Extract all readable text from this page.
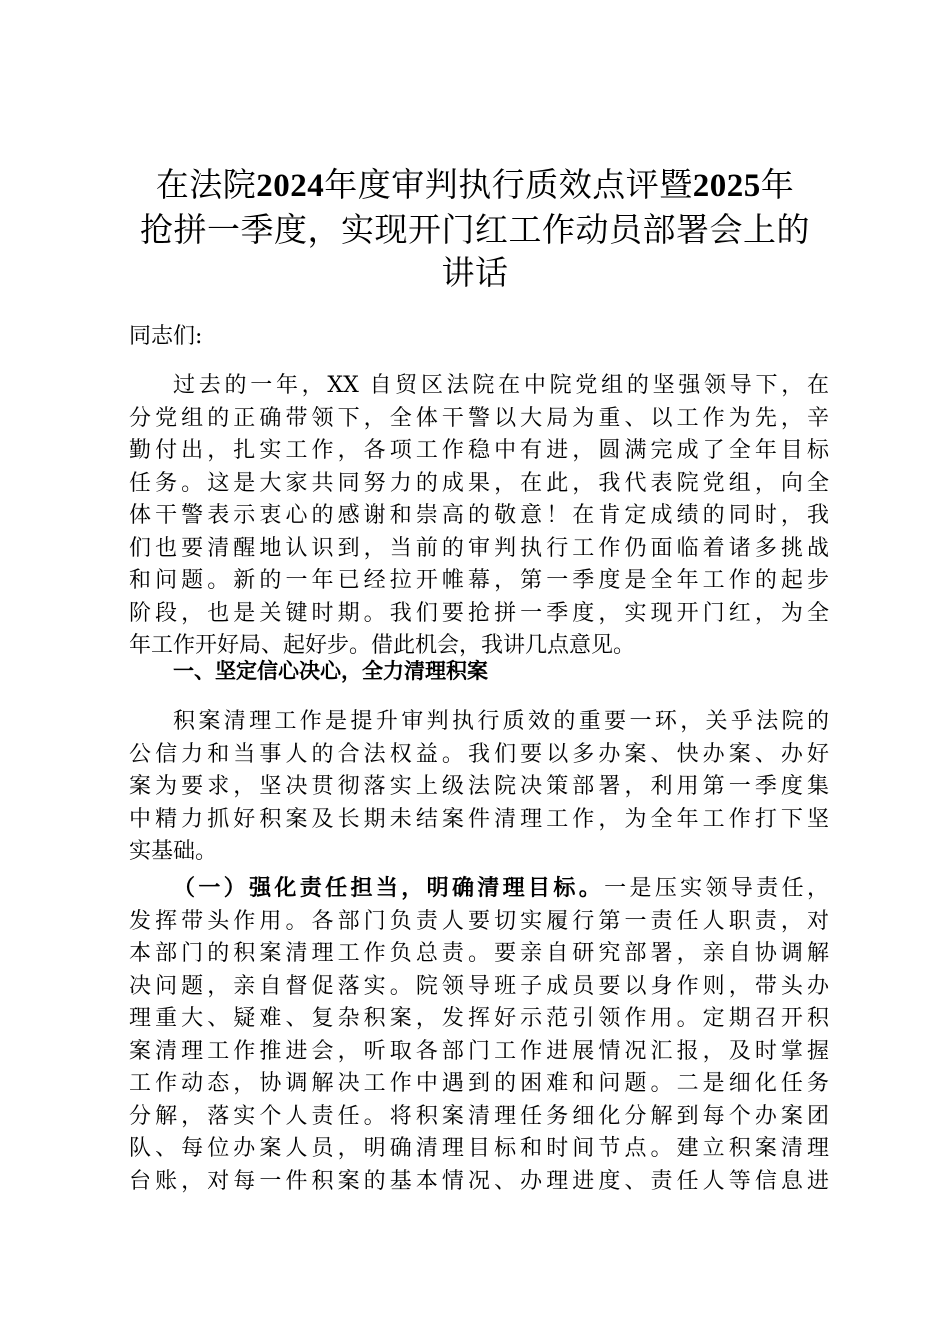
在法院2024年度审判执行质效点评暨2025年
抢拼一季度，实现开门红工作动员部署会上的
讲话

同志们:

过去的一年，XX 自贸区法院在中院党组的坚强领导下，在
分党组的正确带领下，全体干警以大局为重、以工作为先，辛
勤付出，扎实工作，各项工作稳中有进，圆满完成了全年目标
任务。这是大家共同努力的成果，在此，我代表院党组，向全
体干警表示衷心的感谢和崇高的敬意！在肯定成绩的同时，我
们也要清醒地认识到，当前的审判执行工作仍面临着诸多挑战
和问题。新的一年已经拉开帷幕，第一季度是全年工作的起步
阶段，也是关键时期。我们要抢拼一季度，实现开门红，为全
年工作开好局、起好步。借此机会，我讲几点意见。

一、坚定信心决心，全力清理积案

积案清理工作是提升审判执行质效的重要一环，关乎法院的
公信力和当事人的合法权益。我们要以多办案、快办案、办好
案为要求，坚决贯彻落实上级法院决策部署，利用第一季度集
中精力抓好积案及长期未结案件清理工作，为全年工作打下坚
实基础。
（一）强化责任担当，明确清理目标。一是压实领导责任，
发挥带头作用。各部门负责人要切实履行第一责任人职责，对
本部门的积案清理工作负总责。要亲自研究部署，亲自协调解
决问题，亲自督促落实。院领导班子成员要以身作则，带头办
理重大、疑难、复杂积案，发挥好示范引领作用。定期召开积
案清理工作推进会，听取各部门工作进展情况汇报，及时掌握
工作动态，协调解决工作中遇到的困难和问题。二是细化任务
分解，落实个人责任。将积案清理任务细化分解到每个办案团
队、每位办案人员，明确清理目标和时间节点。建立积案清理
台账，对每一件积案的基本情况、办理进度、责任人等信息进
